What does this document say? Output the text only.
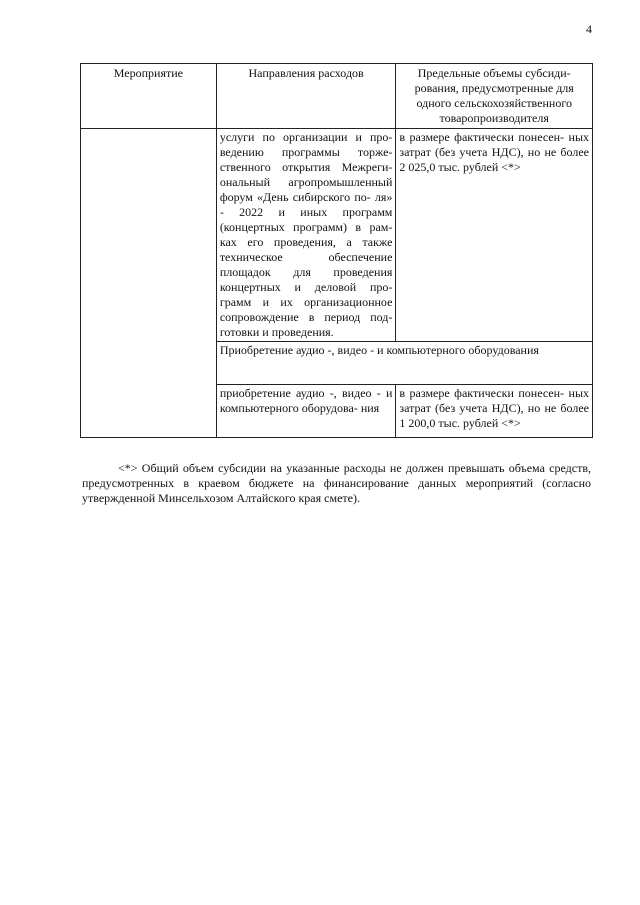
4
Мероприятие	Направления расходов	Предельные объемы субсиди- рования, предусмотренные для одного сельскохозяйственного товаропроизводителя
	услуги по организации и про- ведению программы торже- ственного открытия Межреги- ональный агропромышленный форум «День сибирского по- ля» - 2022 и иных программ (концертных программ) в рам- ках его проведения, а также техническое обеспечение площадок для проведения концертных и деловой про- грамм и их организационное сопровождение в период под- готовки и проведения.	в размере фактически понесен- ных затрат (без учета НДС), но не более 2 025,0 тыс. рублей <*>
	Приобретение аудио -, видео - и компьютерного оборудования	
	приобретение аудио -, видео - и компьютерного оборудова- ния	в размере фактически понесен- ных затрат (без учета НДС), но не более 1 200,0 тыс. рублей <*>
<*> Общий объем субсидии на указанные расходы не должен превышать объема средств, предусмотренных в краевом бюджете на финансирование данных мероприятий (согласно утвержденной Минсельхозом Алтайского края смете).
